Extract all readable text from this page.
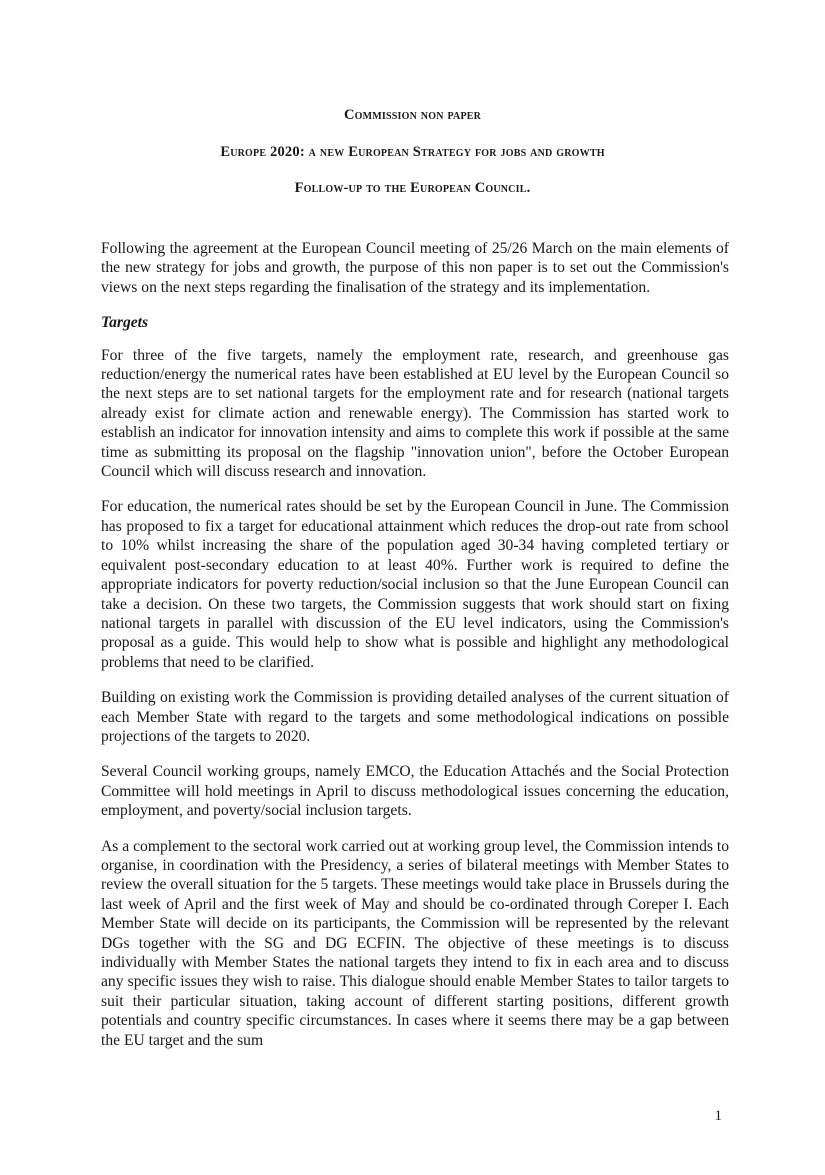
Commission non paper
Europe 2020: a new European Strategy for jobs and growth
Follow-up to the European Council.

Following the agreement at the European Council meeting of 25/26 March on the main elements of the new strategy for jobs and growth, the purpose of this non paper is to set out the Commission's views on the next steps regarding the finalisation of the strategy and its implementation.

Targets

For three of the five targets, namely the employment rate, research, and greenhouse gas reduction/energy the numerical rates have been established at EU level by the European Council so the next steps are to set national targets for the employment rate and for research (national targets already exist for climate action and renewable energy). The Commission has started work to establish an indicator for innovation intensity and aims to complete this work if possible at the same time as submitting its proposal on the flagship "innovation union", before the October European Council which will discuss research and innovation.

For education, the numerical rates should be set by the European Council in June. The Commission has proposed to fix a target for educational attainment which reduces the drop-out rate from school to 10% whilst increasing the share of the population aged 30-34 having completed tertiary or equivalent post-secondary education to at least 40%. Further work is required to define the appropriate indicators for poverty reduction/social inclusion so that the June European Council can take a decision. On these two targets, the Commission suggests that work should start on fixing national targets in parallel with discussion of the EU level indicators, using the Commission's proposal as a guide. This would help to show what is possible and highlight any methodological problems that need to be clarified.

Building on existing work the Commission is providing detailed analyses of the current situation of each Member State with regard to the targets and some methodological indications on possible projections of the targets to 2020.

Several Council working groups, namely EMCO, the Education Attachés and the Social Protection Committee will hold meetings in April to discuss methodological issues concerning the education, employment, and poverty/social inclusion targets.

As a complement to the sectoral work carried out at working group level, the Commission intends to organise, in coordination with the Presidency, a series of bilateral meetings with Member States to review the overall situation for the 5 targets. These meetings would take place in Brussels during the last week of April and the first week of May and should be co-ordinated through Coreper I. Each Member State will decide on its participants, the Commission will be represented by the relevant DGs together with the SG and DG ECFIN. The objective of these meetings is to discuss individually with Member States the national targets they intend to fix in each area and to discuss any specific issues they wish to raise. This dialogue should enable Member States to tailor targets to suit their particular situation, taking account of different starting positions, different growth potentials and country specific circumstances. In cases where it seems there may be a gap between the EU target and the sum

1
